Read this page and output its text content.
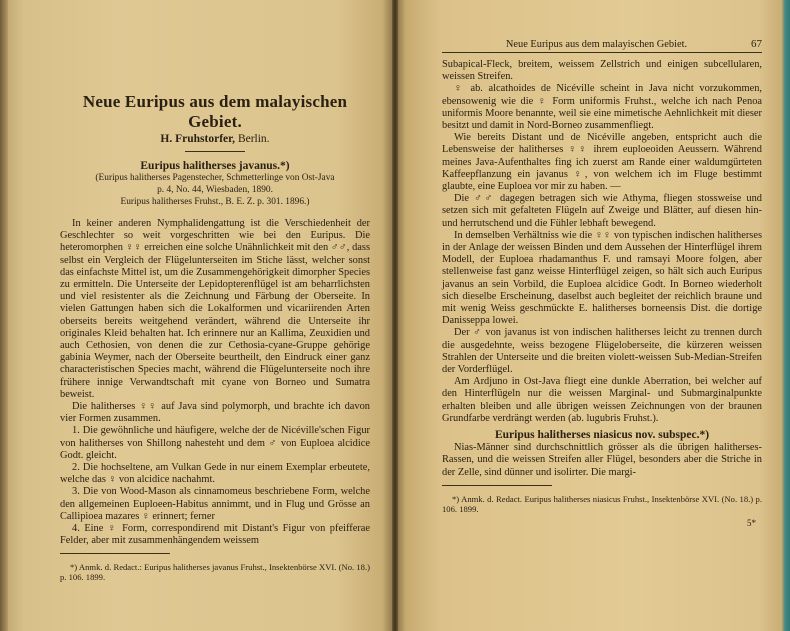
Neue Euripus aus dem malayischen Gebiet.
H. Fruhstorfer, Berlin.

Euripus halitherses javanus.*)

(Euripus halitherses Pagenstecher, Schmetterlinge von Ost-Java
p. 4, No. 44, Wiesbaden, 1890.
Euripus halitherses Fruhst., B. E. Z. p. 301. 1896.)

In keiner anderen Nymphalidengattung ist die Verschiedenheit der Geschlechter so weit vorgeschritten wie bei den Euripus. Die heteromorphen ♀♀ erreichen eine solche Unähnlichkeit mit den ♂♂, dass selbst ein Vergleich der Flügelunterseiten im Stiche lässt, welcher sonst das einfachste Mittel ist, um die Zusammengehörigkeit dimorpher Species zu ermitteln. Die Unterseite der Lepidopterenflügel ist am beharrlichsten und viel resistenter als die Zeichnung und Färbung der Oberseite. In vielen Gattungen haben sich die Lokalformen und vicariirenden Arten oberseits bereits weitgehend verändert, während die Unterseite ihr originales Kleid behalten hat. Ich erinnere nur an Kallima, Zeuxidien und auch Cethosien, von denen die zur Cethosia-cyane-Gruppe gehörige gabinia Weymer, nach der Oberseite beurtheilt, den Eindruck einer ganz characteristischen Species macht, während die Flügelunterseite noch ihre frühere innige Verwandtschaft mit cyane von Borneo und Sumatra beweist.

Die halitherses ♀♀ auf Java sind polymorph, und brachte ich davon vier Formen zusammen.

1. Die gewöhnliche und häufigere, welche der de Nicéville'schen Figur von halitherses von Shillong nahesteht und dem ♂ von Euploea alcidice Godt. gleicht.

2. Die hochseltene, am Vulkan Gede in nur einem Exemplar erbeutete, welche das ♀ von alcidice nachahmt.

3. Die von Wood-Mason als cinnamomeus beschriebene Form, welche den allgemeinen Euploeen-Habitus annimmt, und in Flug und Grösse an Callipioea mazares ♀ erinnert; ferner

4. Eine ♀ Form, correspondirend mit Distant's Figur von pfeifferae Felder, aber mit zusammenhängendem weissem

*) Anmk. d. Redact.: Euripus halitherses javanus Fruhst., Insektenbörse XVI. (No. 18.) p. 106. 1899.
Neue Euripus aus dem malayischen Gebiet.	67

Subapical-Fleck, breitem, weissem Zellstrich und einigen subcellularen, weissen Streifen.

♀ ab. alcathoides de Nicéville scheint in Java nicht vorzukommen, ebensowenig wie die ♀ Form uniformis Fruhst., welche ich nach Penoa uniformis Moore benannte, weil sie eine mimetische Aehnlichkeit mit dieser besitzt und damit in Nord-Borneo zusammenfliegt.

Wie bereits Distant und de Nicéville angeben, entspricht auch die Lebensweise der halitherses ♀♀ ihrem euploeoiden Aeussern. Während meines Java-Aufenthaltes fing ich zuerst am Rande einer waldumgürteten Kaffeepflanzung ein javanus ♀, von welchem ich im Fluge bestimmt glaubte, eine Euploea vor mir zu haben. —

Die ♂♂ dagegen betragen sich wie Athyma, fliegen stossweise und setzen sich mit gefalteten Flügeln auf Zweige und Blätter, auf diesen hin- und herrutschend und die Fühler lebhaft bewegend.

In demselben Verhältniss wie die ♀♀ von typischen indischen halitherses in der Anlage der weissen Binden und dem Aussehen der Hinterflügel ihrem Modell, der Euploea rhadamanthus F. und ramsayi Moore folgen, aber stellenweise fast ganz weisse Hinterflügel zeigen, so hält sich auch Euripus javanus an sein Vorbild, die Euploea alcidice Godt. In Borneo wiederholt sich dieselbe Erscheinung, daselbst auch begleitet der reichlich braune und mit wenig Weiss geschmückte E. halitherses borneensis Dist. die dortige Danisseppa lowei.

Der ♂ von javanus ist von indischen halitherses leicht zu trennen durch die ausgedehnte, weiss bezogene Flügeloberseite, die kürzeren weissen Strahlen der Unterseite und die breiten violett-weissen Sub-Median-Streifen der Vorderflügel.

Am Ardjuno in Ost-Java fliegt eine dunkle Aberration, bei welcher auf den Hinterflügeln nur die weissen Marginal- und Submarginalpunkte erhalten bleiben und alle übrigen weissen Zeichnungen von der braunen Grundfarbe verdrängt werden (ab. lugubris Fruhst.).

Euripus halitherses niasicus nov. subspec.*)

Nias-Männer sind durchschnittlich grösser als die übrigen halitherses-Rassen, und die weissen Streifen aller Flügel, besonders aber die Striche in der Zelle, sind dünner und isolirter. Die margi-

*) Anmk. d. Redact. Euripus halitherses niasicus Fruhst., Insektenbörse XVI. (No. 18.) p. 106. 1899.
5*
